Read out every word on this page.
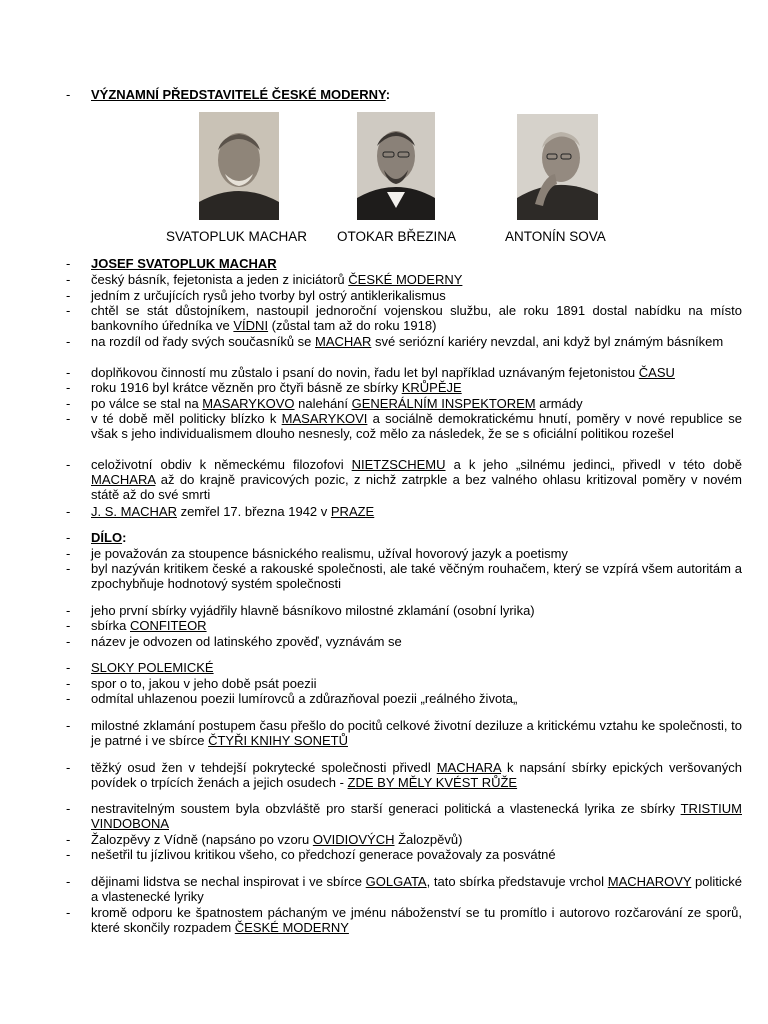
-	VÝZNAMNÍ PŘEDSTAVITELÉ ČESKÉ MODERNY:
SVATOPLUK MACHAR OTOKAR BŘEZINA	ANTONÍN SOVA
-	JOSEF SVATOPLUK MACHAR
-	český básník, fejetonista a jeden z iniciátorů ČESKÉ MODERNY
-	jedním z určujících rysů jeho tvorby byl ostrý antiklerikalismus
-	chtěl se stát důstojníkem, nastoupil jednoroční vojenskou službu, ale roku 1891 dostal nabídku na místo bankovního úředníka ve VÍDNI (zůstal tam až do roku 1918)
-	na rozdíl od řady svých současníků se MACHAR své seriózní kariéry nevzdal, ani když byl známým básníkem
-	doplňkovou činností mu zůstalo i psaní do novin, řadu let byl například uznávaným fejetonistou ČASU
-	roku 1916 byl krátce vězněn pro čtyři básně ze sbírky KRŮPĚJE
-	po válce se stal na MASARYKOVO nalehání GENERÁLNÍM INSPEKTOREM armády
-	v té době měl politicky blízko k MASARYKOVI a sociálně demokratickému hnutí, poměry v nové republice se však s jeho individualismem dlouho nesnesly, což mělo za následek, že se s oficiální politikou rozešel
-	celoživotní obdiv k německému filozofovi NIETZSCHEMU a k jeho „silnému jedinci„ přivedl v této době MACHARA až do krajně pravicových pozic, z nichž zatrpkle a bez valného ohlasu kritizoval poměry v novém státě až do své smrti
-	J. S. MACHAR zemřel 17. března 1942 v PRAZE
-	DÍLO:
-	je považován za stoupence básnického realismu, užíval hovorový jazyk a poetismy
-	byl nazýván kritikem české a rakouské společnosti, ale také věčným rouhačem, který se vzpírá všem autoritám a zpochybňuje hodnotový systém společnosti
-	jeho první sbírky vyjádřily hlavně básníkovo milostné zklamání (osobní lyrika)
-	sbírka CONFITEOR
-	název je odvozen od latinského zpověď, vyznávám se
-	SLOKY POLEMICKÉ
-	spor o to, jakou v jeho době psát poezii
-	odmítal uhlazenou poezii lumírovců a zdůrazňoval poezii „reálného života„
-	milostné zklamání postupem času přešlo do pocitů celkové životní deziluze a kritickému vztahu ke společnosti, to je patrné i ve sbírce ČTYŘI KNIHY SONETŮ
-	těžký osud žen v tehdejší pokrytecké společnosti přivedl MACHARA k napsání sbírky epických veršovaných povídek o trpících ženách a jejich osudech - ZDE BY MĚLY KVÉST RŮŽE
-	nestravitelným soustem byla obzvláště pro starší generaci politická a vlastenecká lyrika ze sbírky TRISTIUM VINDOBONA
-	Žalozpěvy z Vídně (napsáno po vzoru OVIDIOVÝCH Žalozpěvů)
-	nešetřil tu jízlivou kritikou všeho, co předchozí generace považovaly za posvátné
-	dějinami lidstva se nechal inspirovat i ve sbírce GOLGATA, tato sbírka představuje vrchol MACHAROVY politické a vlastenecké lyriky
-	kromě odporu ke špatnostem páchaným ve jménu náboženství se tu promítlo i autorovo rozčarování ze sporů, které skončily rozpadem ČESKÉ MODERNY
